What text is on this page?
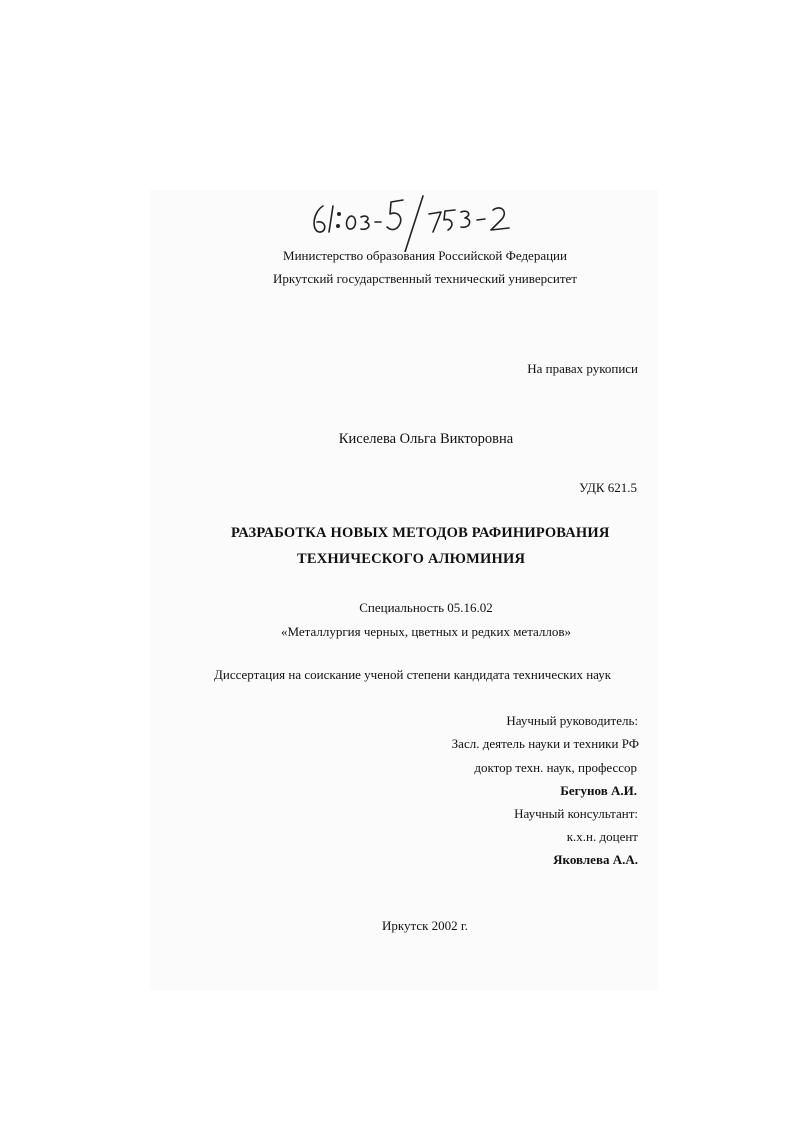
Министерство образования Российской Федерации
Иркутский государственный технический университет
На правах рукописи
Киселева Ольга Викторовна
УДК 621.5
РАЗРАБОТКА НОВЫХ МЕТОДОВ РАФИНИРОВАНИЯ
ТЕХНИЧЕСКОГО АЛЮМИНИЯ
Специальность 05.16.02
«Металлургия черных, цветных и редких металлов»
Диссертация на соискание ученой степени кандидата технических наук
Научный руководитель:
Засл. деятель науки и техники РФ
доктор техн. наук, профессор
Бегунов А.И.
Научный консультант:
к.х.н. доцент
Яковлева А.А.
Иркутск 2002 г.
